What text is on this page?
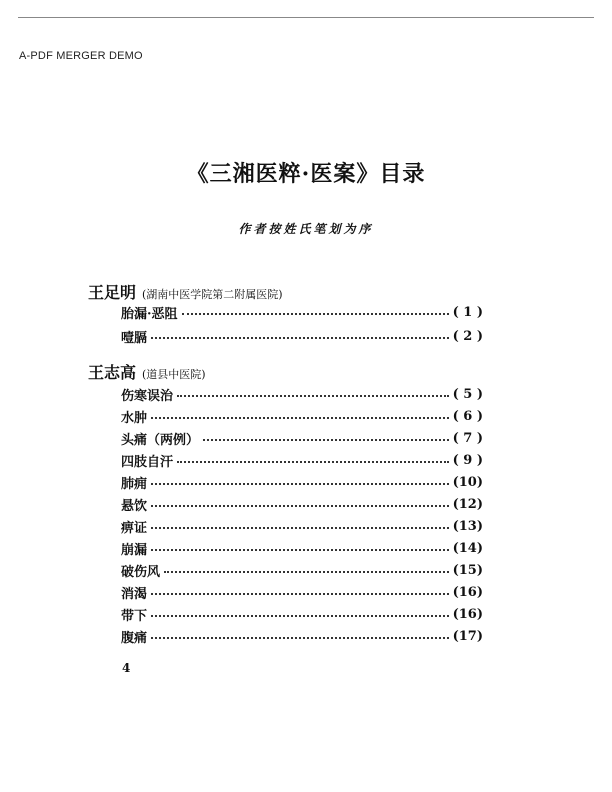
A-PDF MERGER DEMO
《三湘医粹·医案》目录
作者按姓氏笔划为序
王足明 (湖南中医学院第二附属医院)
胎漏·恶阻	( 1 )
噎膈	( 2 )
王志高 (道县中医院)
伤寒误治	( 5 )
水肿	( 6 )
头痛（两例）	( 7 )
四肢自汗	( 9 )
肺痈	(10)
悬饮	(12)
痹证	(13)
崩漏	(14)
破伤风	(15)
消渴	(16)
带下	(16)
腹痛	(17)
4
